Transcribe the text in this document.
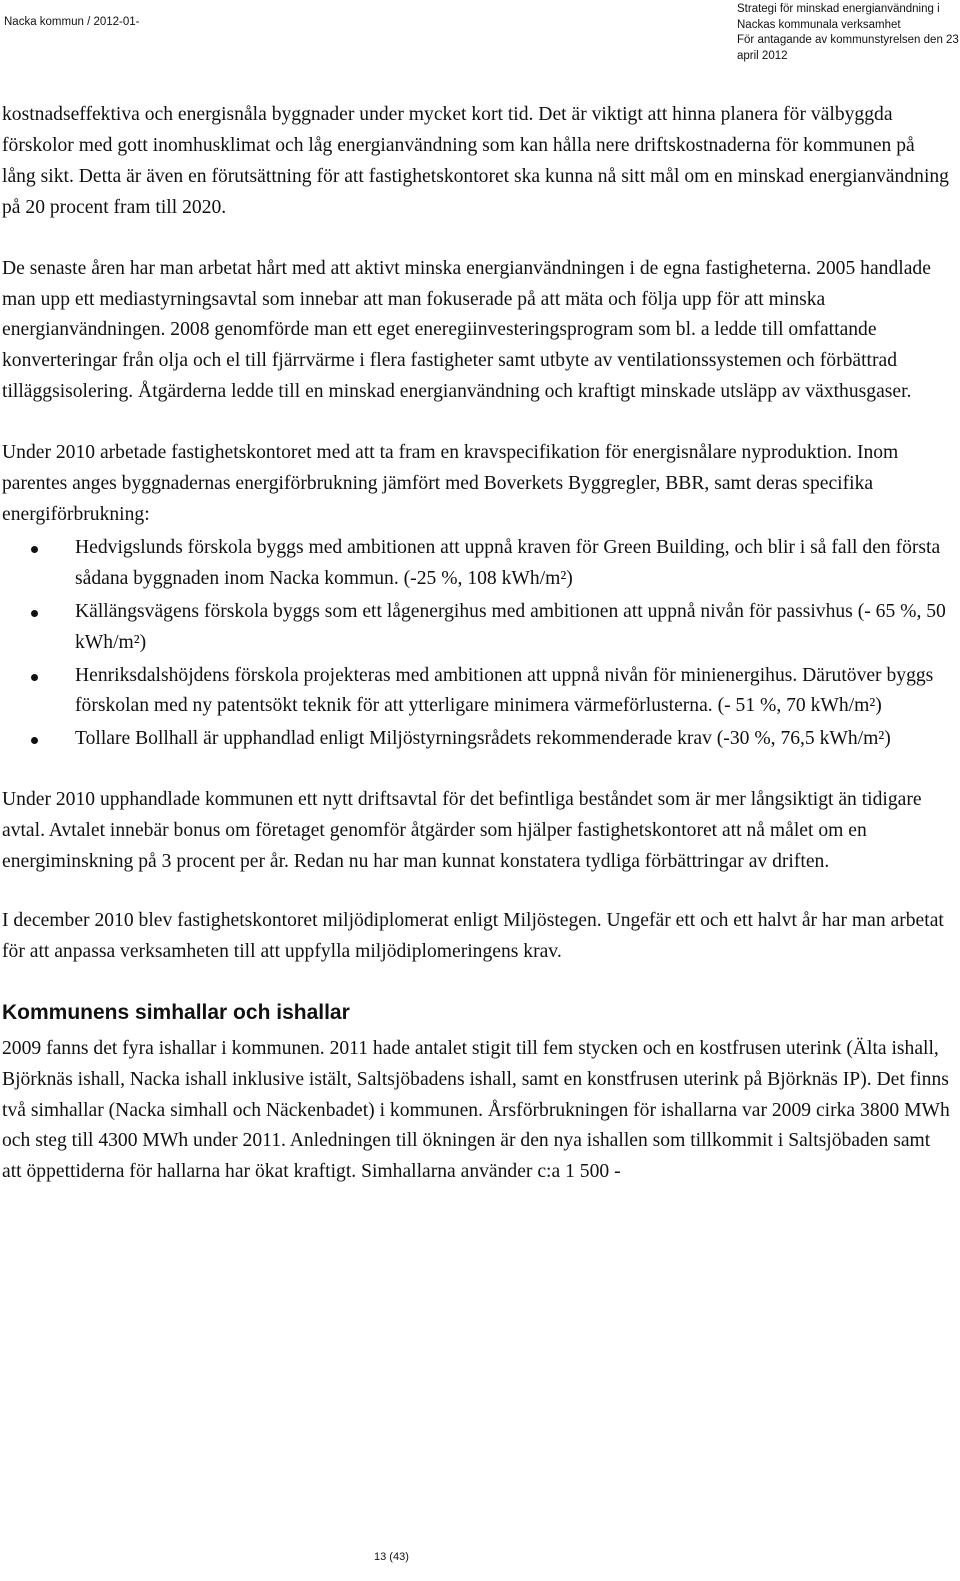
Nacka kommun / 2012-01-
Strategi för minskad energianvändning i
Nackas kommunala verksamhet
För antagande av kommunstyrelsen den 23
april 2012

kostnadseffektiva och energisnåla byggnader under mycket kort tid. Det är viktigt att hinna planera för välbyggda förskolor med gott inomhusklimat och låg energianvändning som kan hålla nere driftskostnaderna för kommunen på lång sikt. Detta är även en förutsättning för att fastighetskontoret ska kunna nå sitt mål om en minskad energianvändning på 20 procent fram till 2020.

De senaste åren har man arbetat hårt med att aktivt minska energianvändningen i de egna fastigheterna. 2005 handlade man upp ett mediastyrningsavtal som innebar att man fokuserade på att mäta och följa upp för att minska energianvändningen. 2008 genomförde man ett eget eneregiinvesteringsprogram som bl. a ledde till omfattande konverteringar från olja och el till fjärrvärme i flera fastigheter samt utbyte av ventilationssystemen och förbättrad tilläggsisolering. Åtgärderna ledde till en minskad energianvändning och kraftigt minskade utsläpp av växthusgaser.

Under 2010 arbetade fastighetskontoret med att ta fram en kravspecifikation för energisnålare nyproduktion. Inom parentes anges byggnadernas energiförbrukning jämfört med Boverkets Byggregler, BBR, samt deras specifika energiförbrukning:

Hedvigslunds förskola byggs med ambitionen att uppnå kraven för Green Building, och blir i så fall den första sådana byggnaden inom Nacka kommun. (-25 %, 108 kWh/m²)
Källängsvägens förskola byggs som ett lågenergihus med ambitionen att uppnå nivån för passivhus (- 65 %, 50 kWh/m²)
Henriksdalshöjdens förskola projekteras med ambitionen att uppnå nivån för minienergihus. Därutöver byggs förskolan med ny patentsökt teknik för att ytterligare minimera värmeförlusterna. (- 51 %, 70 kWh/m²)
Tollare Bollhall är upphandlad enligt Miljöstyrningsrådets rekommenderade krav (-30 %, 76,5 kWh/m²)

Under 2010 upphandlade kommunen ett nytt driftsavtal för det befintliga beståndet som är mer långsiktigt än tidigare avtal. Avtalet innebär bonus om företaget genomför åtgärder som hjälper fastighetskontoret att nå målet om en energiminskning på 3 procent per år. Redan nu har man kunnat konstatera tydliga förbättringar av driften.

I december 2010 blev fastighetskontoret miljödiplomerat enligt Miljöstegen. Ungefär ett och ett halvt år har man arbetat för att anpassa verksamheten till att uppfylla miljödiplomeringens krav.

Kommunens simhallar och ishallar

2009 fanns det fyra ishallar i kommunen. 2011 hade antalet stigit till fem stycken och en kostfrusen uterink (Älta ishall, Björknäs ishall, Nacka ishall inklusive istält, Saltsjöbadens ishall, samt en konstfrusen uterink på Björknäs IP). Det finns två simhallar (Nacka simhall och Näckenbadet) i kommunen. Årsförbrukningen för ishallarna var 2009 cirka 3800 MWh och steg till 4300 MWh under 2011. Anledningen till ökningen är den nya ishallen som tillkommit i Saltsjöbaden samt att öppettiderna för hallarna har ökat kraftigt. Simhallarna använder c:a 1 500 -

13 (43)
